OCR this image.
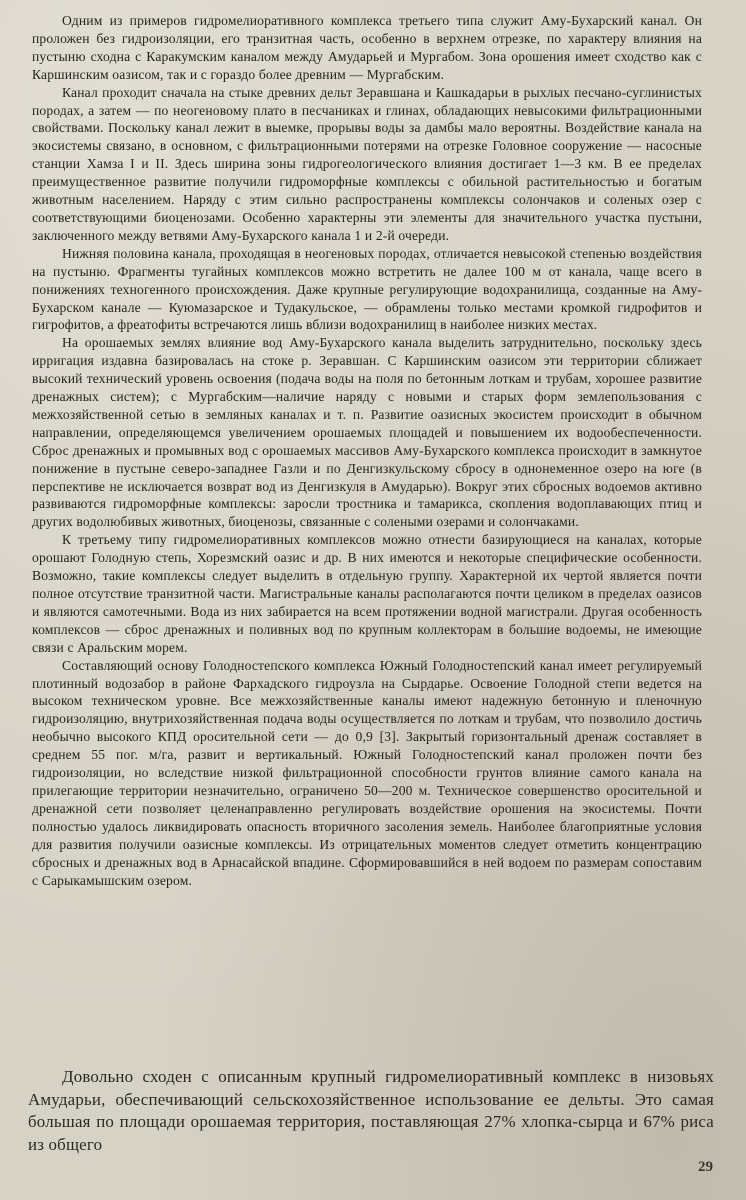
Одним из примеров гидромелиоративного комплекса третьего типа служит Аму-Бухарский канал. Он проложен без гидроизоляции, его транзитная часть, особенно в верхнем отрезке, по характеру влияния на пустыню сходна с Каракумским каналом между Амударьей и Мургабом. Зона орошения имеет сходство как с Каршинским оазисом, так и с гораздо более древним — Мургабским.

Канал проходит сначала на стыке древних дельт Зеравшана и Кашкадарьи в рыхлых песчано-суглинистых породах, а затем — по неогеновому плато в песчаниках и глинах, обладающих невысокими фильтрационными свойствами. Поскольку канал лежит в выемке, прорывы воды за дамбы мало вероятны. Воздействие канала на экосистемы связано, в основном, с фильтрационными потерями на отрезке Головное сооружение — насосные станции Хамза I и II. Здесь ширина зоны гидрогеологического влияния достигает 1—3 км. В ее пределах преимущественное развитие получили гидроморфные комплексы с обильной растительностью и богатым животным населением. Наряду с этим сильно распространены комплексы солончаков и соленых озер с соответствующими биоценозами. Особенно характерны эти элементы для значительного участка пустыни, заключенного между ветвями Аму-Бухарского канала 1 и 2-й очереди.

Нижняя половина канала, проходящая в неогеновых породах, отличается невысокой степенью воздействия на пустыню. Фрагменты тугайных комплексов можно встретить не далее 100 м от канала, чаще всего в понижениях техногенного происхождения. Даже крупные регулирующие водохранилища, созданные на Аму-Бухарском канале — Куюмазарское и Тудакульское, — обрамлены только местами кромкой гидрофитов и гигрофитов, а фреатофиты встречаются лишь вблизи водохранилищ в наиболее низких местах.

На орошаемых землях влияние вод Аму-Бухарского канала выделить затруднительно, поскольку здесь ирригация издавна базировалась на стоке р. Зеравшан. С Каршинским оазисом эти территории сближает высокий технический уровень освоения (подача воды на поля по бетонным лоткам и трубам, хорошее развитие дренажных систем); с Мургабским—наличие наряду с новыми и старых форм землепользования с межхозяйственной сетью в земляных каналах и т. п. Развитие оазисных экосистем происходит в обычном направлении, определяющемся увеличением орошаемых площадей и повышением их водообеспеченности. Сброс дренажных и промывных вод с орошаемых массивов Аму-Бухарского комплекса происходит в замкнутое понижение в пустыне северо-западнее Газли и по Денгизкульскому сбросу в однонеменное озеро на юге (в перспективе не исключается возврат вод из Денгизкуля в Амударью). Вокруг этих сбросных водоемов активно развиваются гидроморфные комплексы: заросли тростника и тамарикса, скопления водоплавающих птиц и других водолюбивых животных, биоценозы, связанные с солеными озерами и солончаками.

К третьему типу гидромелиоративных комплексов можно отнести базирующиеся на каналах, которые орошают Голодную степь, Хорезмский оазис и др. В них имеются и некоторые специфические особенности. Возможно, такие комплексы следует выделить в отдельную группу. Характерной их чертой является почти полное отсутствие транзитной части. Магистральные каналы располагаются почти целиком в пределах оазисов и являются самотечными. Вода из них забирается на всем протяжении водной магистрали. Другая особенность комплексов — сброс дренажных и поливных вод по крупным коллекторам в большие водоемы, не имеющие связи с Аральским морем.

Составляющий основу Голодностепского комплекса Южный Голодностепский канал имеет регулируемый плотинный водозабор в районе Фархадского гидроузла на Сырдарье. Освоение Голодной степи ведется на высоком техническом уровне. Все межхозяйственные каналы имеют надежную бетонную и пленочную гидроизоляцию, внутрихозяйственная подача воды осуществляется по лоткам и трубам, что позволило достичь необычно высокого КПД оросительной сети — до 0,9 [3]. Закрытый горизонтальный дренаж составляет в среднем 55 пог. м/га, развит и вертикальный. Южный Голодностепский канал проложен почти без гидроизоляции, но вследствие низкой фильтрационной способности грунтов влияние самого канала на прилегающие территории незначительно, ограничено 50—200 м. Техническое совершенство оросительной и дренажной сети позволяет целенаправленно регулировать воздействие орошения на экосистемы. Почти полностью удалось ликвидировать опасность вторичного засоления земель. Наиболее благоприятные условия для развития получили оазисные комплексы. Из отрицательных моментов следует отметить концентрацию сбросных и дренажных вод в Арнасайской впадине. Сформировавшийся в ней водоем по размерам сопоставим с Сарыкамышским озером.

Довольно сходен с описанным крупный гидромелиоративный комплекс в низовьях Амударьи, обеспечивающий сельскохозяйственное использование ее дельты. Это самая большая по площади орошаемая территория, поставляющая 27% хлопка-сырца и 67% риса из общего

29
